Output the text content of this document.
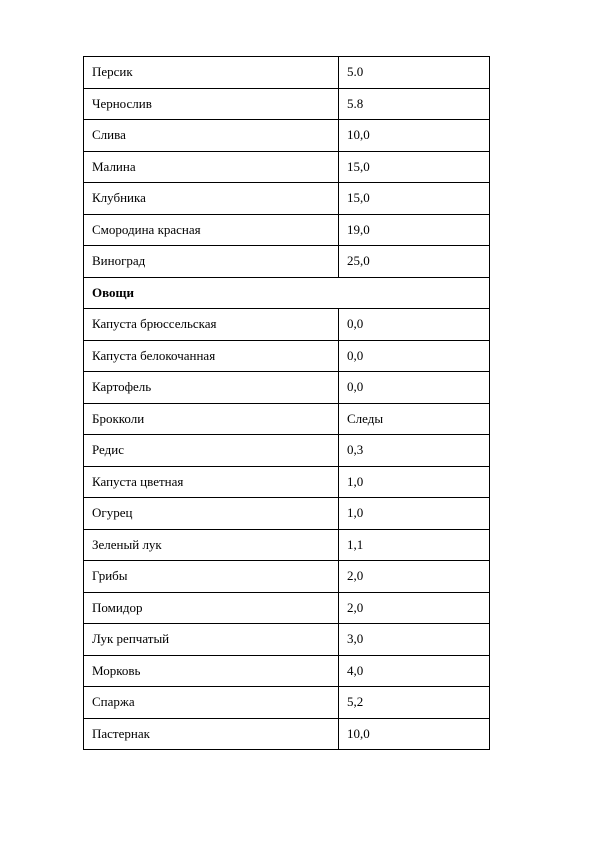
Персик	5.0
Чернослив	5.8
Слива	10,0
Малина	15,0
Клубника	15,0
Смородина красная	19,0
Виноград	25,0
Овощи	
Капуста брюссельская	0,0
Капуста белокочанная	0,0
Картофель	0,0
Брокколи	Следы
Редис	0,3
Капуста цветная	1,0
Огурец	1,0
Зеленый лук	1,1
Грибы	2,0
Помидор	2,0
Лук репчатый	3,0
Морковь	4,0
Спаржа	5,2
Пастернак	10,0
